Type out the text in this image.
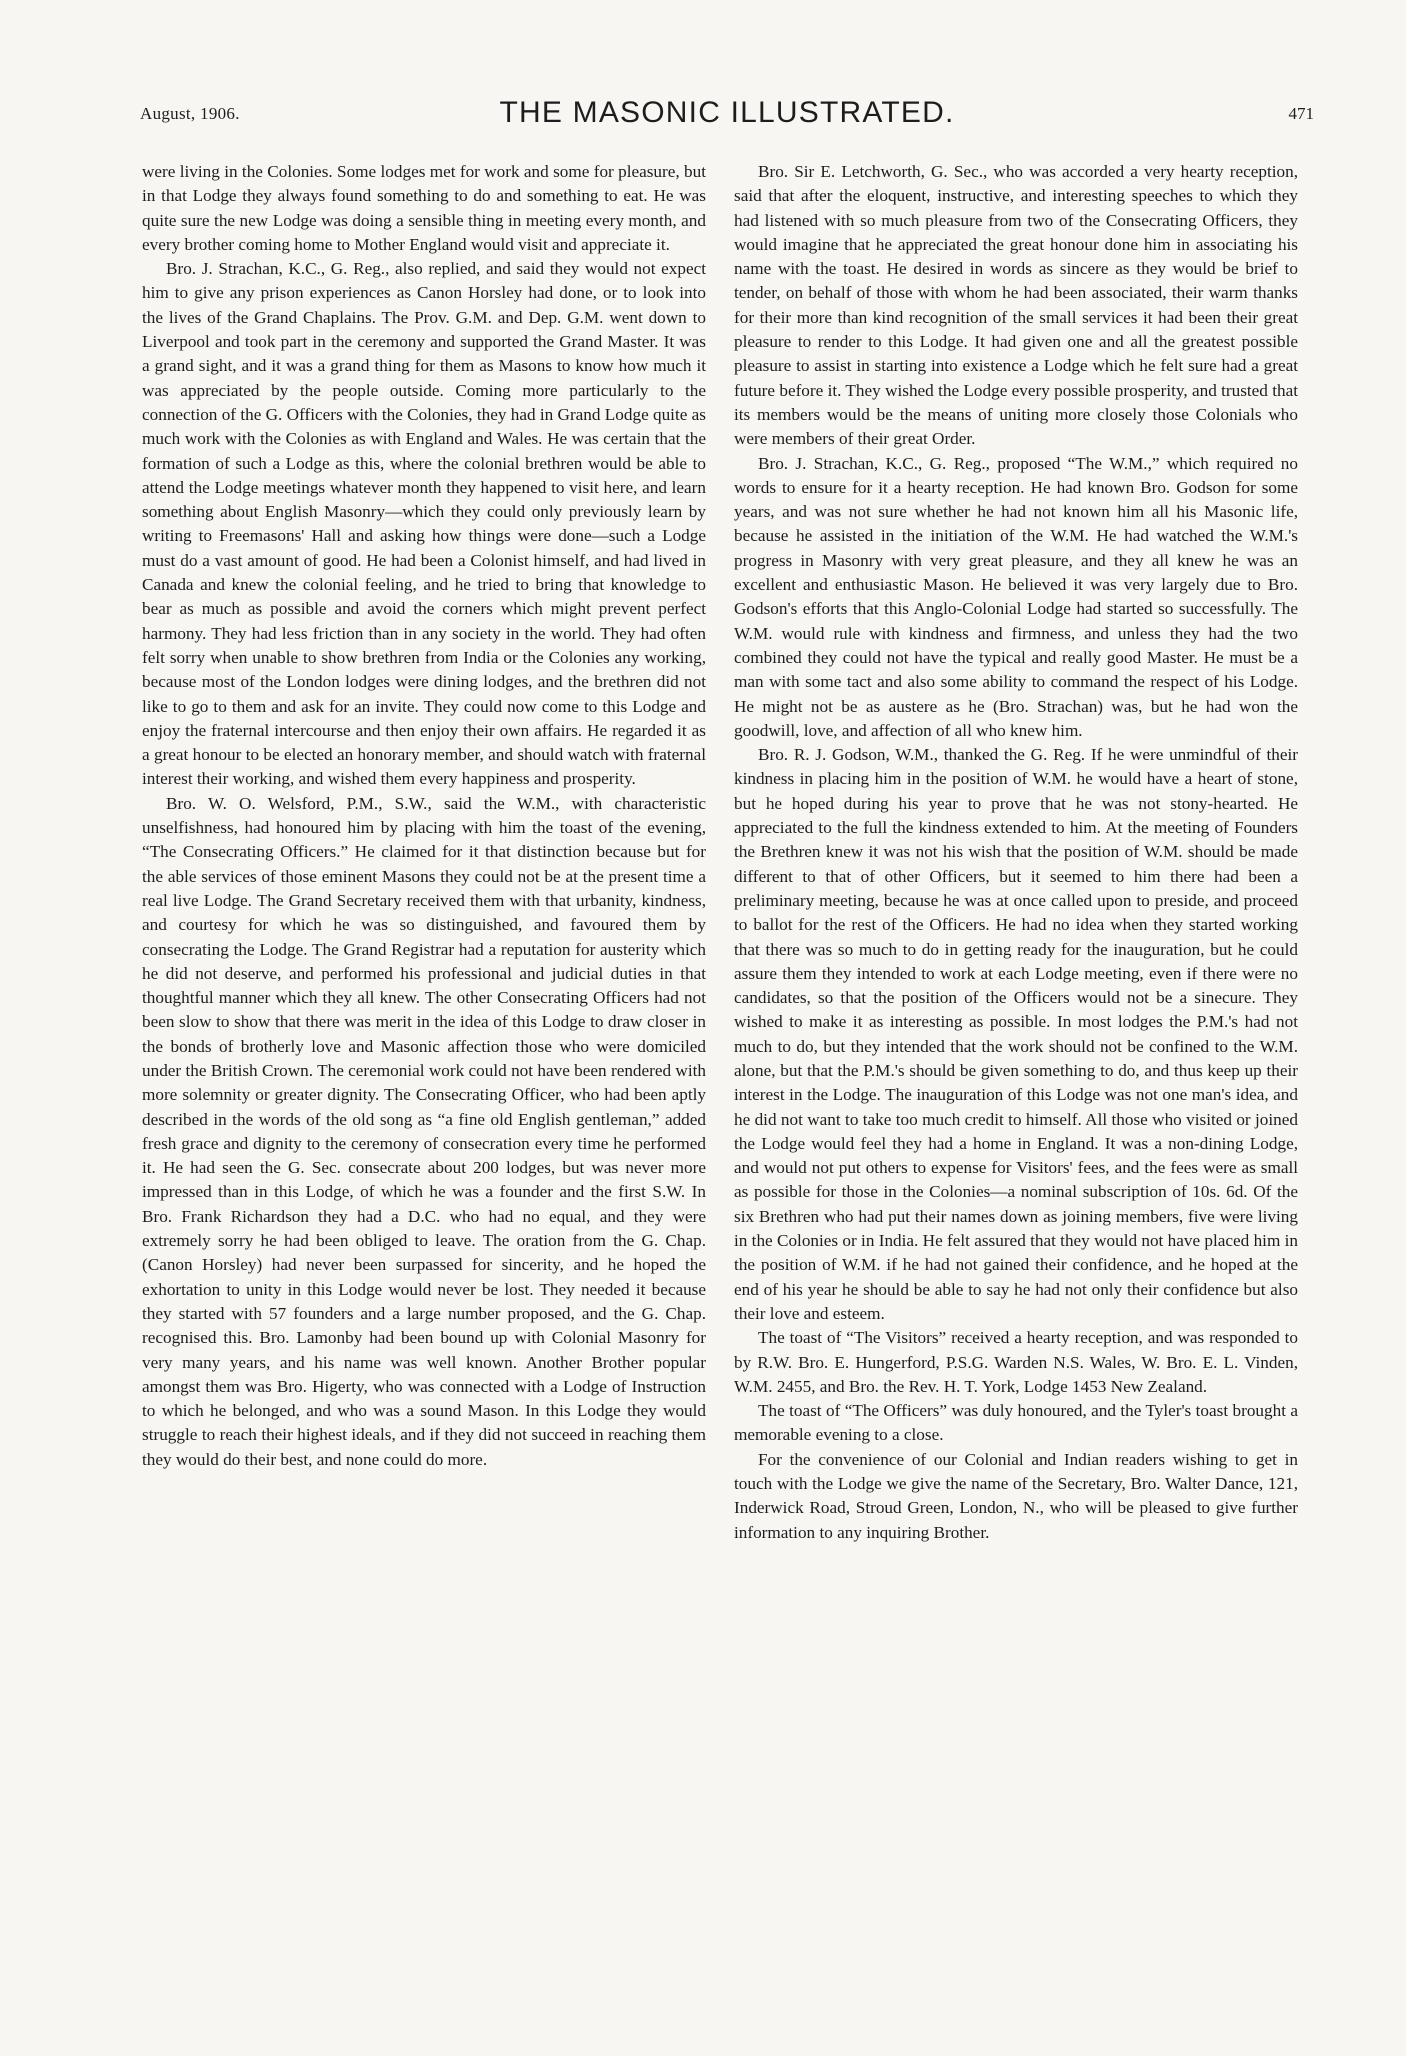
August, 1906.	THE MASONIC ILLUSTRATED.	471

were living in the Colonies. Some lodges met for work and some for pleasure, but in that Lodge they always found something to do and something to eat. He was quite sure the new Lodge was doing a sensible thing in meeting every month, and every brother coming home to Mother England would visit and appreciate it.

Bro. J. Strachan, K.C., G. Reg., also replied, and said they would not expect him to give any prison experiences as Canon Horsley had done, or to look into the lives of the Grand Chaplains. The Prov. G.M. and Dep. G.M. went down to Liverpool and took part in the ceremony and supported the Grand Master. It was a grand sight, and it was a grand thing for them as Masons to know how much it was appreciated by the people outside. Coming more particularly to the connection of the G. Officers with the Colonies, they had in Grand Lodge quite as much work with the Colonies as with England and Wales. He was certain that the formation of such a Lodge as this, where the colonial brethren would be able to attend the Lodge meetings whatever month they happened to visit here, and learn something about English Masonry—which they could only previously learn by writing to Freemasons' Hall and asking how things were done—such a Lodge must do a vast amount of good. He had been a Colonist himself, and had lived in Canada and knew the colonial feeling, and he tried to bring that knowledge to bear as much as possible and avoid the corners which might prevent perfect harmony. They had less friction than in any society in the world. They had often felt sorry when unable to show brethren from India or the Colonies any working, because most of the London lodges were dining lodges, and the brethren did not like to go to them and ask for an invite. They could now come to this Lodge and enjoy the fraternal intercourse and then enjoy their own affairs. He regarded it as a great honour to be elected an honorary member, and should watch with fraternal interest their working, and wished them every happiness and prosperity.

Bro. W. O. Welsford, P.M., S.W., said the W.M., with characteristic unselfishness, had honoured him by placing with him the toast of the evening, “The Consecrating Officers.” He claimed for it that distinction because but for the able services of those eminent Masons they could not be at the present time a real live Lodge. The Grand Secretary received them with that urbanity, kindness, and courtesy for which he was so distinguished, and favoured them by consecrating the Lodge. The Grand Registrar had a reputation for austerity which he did not deserve, and performed his professional and judicial duties in that thoughtful manner which they all knew. The other Consecrating Officers had not been slow to show that there was merit in the idea of this Lodge to draw closer in the bonds of brotherly love and Masonic affection those who were domiciled under the British Crown. The ceremonial work could not have been rendered with more solemnity or greater dignity. The Consecrating Officer, who had been aptly described in the words of the old song as “a fine old English gentleman,” added fresh grace and dignity to the ceremony of consecration every time he performed it. He had seen the G. Sec. consecrate about 200 lodges, but was never more impressed than in this Lodge, of which he was a founder and the first S.W. In Bro. Frank Richardson they had a D.C. who had no equal, and they were extremely sorry he had been obliged to leave. The oration from the G. Chap. (Canon Horsley) had never been surpassed for sincerity, and he hoped the exhortation to unity in this Lodge would never be lost. They needed it because they started with 57 founders and a large number proposed, and the G. Chap. recognised this. Bro. Lamonby had been bound up with Colonial Masonry for very many years, and his name was well known. Another Brother popular amongst them was Bro. Higerty, who was connected with a Lodge of Instruction to which he belonged, and who was a sound Mason. In this Lodge they would struggle to reach their highest ideals, and if they did not succeed in reaching them they would do their best, and none could do more.

Bro. Sir E. Letchworth, G. Sec., who was accorded a very hearty reception, said that after the eloquent, instructive, and interesting speeches to which they had listened with so much pleasure from two of the Consecrating Officers, they would imagine that he appreciated the great honour done him in associating his name with the toast. He desired in words as sincere as they would be brief to tender, on behalf of those with whom he had been associated, their warm thanks for their more than kind recognition of the small services it had been their great pleasure to render to this Lodge. It had given one and all the greatest possible pleasure to assist in starting into existence a Lodge which he felt sure had a great future before it. They wished the Lodge every possible prosperity, and trusted that its members would be the means of uniting more closely those Colonials who were members of their great Order.

Bro. J. Strachan, K.C., G. Reg., proposed “The W.M.,” which required no words to ensure for it a hearty reception. He had known Bro. Godson for some years, and was not sure whether he had not known him all his Masonic life, because he assisted in the initiation of the W.M. He had watched the W.M.'s progress in Masonry with very great pleasure, and they all knew he was an excellent and enthusiastic Mason. He believed it was very largely due to Bro. Godson's efforts that this Anglo-Colonial Lodge had started so successfully. The W.M. would rule with kindness and firmness, and unless they had the two combined they could not have the typical and really good Master. He must be a man with some tact and also some ability to command the respect of his Lodge. He might not be as austere as he (Bro. Strachan) was, but he had won the goodwill, love, and affection of all who knew him.

Bro. R. J. Godson, W.M., thanked the G. Reg. If he were unmindful of their kindness in placing him in the position of W.M. he would have a heart of stone, but he hoped during his year to prove that he was not stony-hearted. He appreciated to the full the kindness extended to him. At the meeting of Founders the Brethren knew it was not his wish that the position of W.M. should be made different to that of other Officers, but it seemed to him there had been a preliminary meeting, because he was at once called upon to preside, and proceed to ballot for the rest of the Officers. He had no idea when they started working that there was so much to do in getting ready for the inauguration, but he could assure them they intended to work at each Lodge meeting, even if there were no candidates, so that the position of the Officers would not be a sinecure. They wished to make it as interesting as possible. In most lodges the P.M.'s had not much to do, but they intended that the work should not be confined to the W.M. alone, but that the P.M.'s should be given something to do, and thus keep up their interest in the Lodge. The inauguration of this Lodge was not one man's idea, and he did not want to take too much credit to himself. All those who visited or joined the Lodge would feel they had a home in England. It was a non-dining Lodge, and would not put others to expense for Visitors' fees, and the fees were as small as possible for those in the Colonies—a nominal subscription of 10s. 6d. Of the six Brethren who had put their names down as joining members, five were living in the Colonies or in India. He felt assured that they would not have placed him in the position of W.M. if he had not gained their confidence, and he hoped at the end of his year he should be able to say he had not only their confidence but also their love and esteem.

The toast of “The Visitors” received a hearty reception, and was responded to by R.W. Bro. E. Hungerford, P.S.G. Warden N.S. Wales, W. Bro. E. L. Vinden, W.M. 2455, and Bro. the Rev. H. T. York, Lodge 1453 New Zealand.

The toast of “The Officers” was duly honoured, and the Tyler's toast brought a memorable evening to a close.

For the convenience of our Colonial and Indian readers wishing to get in touch with the Lodge we give the name of the Secretary, Bro. Walter Dance, 121, Inderwick Road, Stroud Green, London, N., who will be pleased to give further information to any inquiring Brother.
